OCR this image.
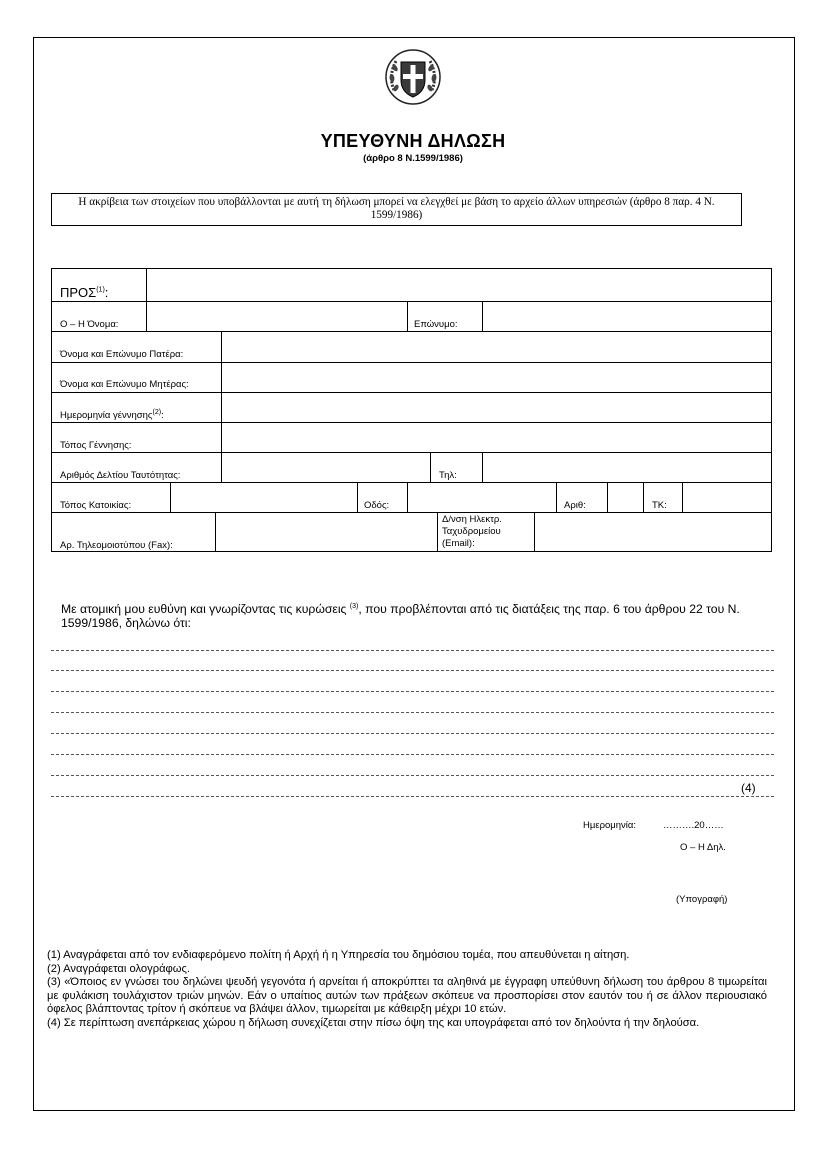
ΥΠΕΥΘΥΝΗ ΔΗΛΩΣΗ
(άρθρο 8 Ν.1599/1986)
Η ακρίβεια των στοιχείων που υποβάλλονται με αυτή τη δήλωση μπορεί να ελεγχθεί με βάση το αρχείο άλλων υπηρεσιών (άρθρο 8 παρ. 4 Ν. 1599/1986)
ΠΡΟΣ$^{(1)}$:
Ο – Η Όνομα:	Επώνυμο:
Όνομα και Επώνυμο Πατέρα:
Όνομα και Επώνυμο Μητέρας:
Ημερομηνία γέννησης$^{(2)}$:
Τόπος Γέννησης:
Αριθμός Δελτίου Ταυτότητας:	Τηλ:
Τόπος Κατοικίας:	Οδός:	Αριθ:	ΤΚ:
Αρ. Τηλεομοιοτύπου (Fax):
Δ/νση Ηλεκτρ.
Ταχυδρομείου
(Email):
Με ατομική μου ευθύνη και γνωρίζοντας τις κυρώσεις $^{(3)}$, που προβλέπονται από τις διατάξεις της παρ. 6 του άρθρου 22 του Ν. 1599/1986, δηλώνω ότι:
(4)
Ημερομηνία:	……….20……
Ο – Η Δηλ.
(Υπογραφή)

(1) Αναγράφεται από τον ενδιαφερόμενο πολίτη ή Αρχή ή η Υπηρεσία του δημόσιου τομέα, που απευθύνεται η αίτηση.

(2) Αναγράφεται ολογράφως.

(3) «Όποιος εν γνώσει του δηλώνει ψευδή γεγονότα ή αρνείται ή αποκρύπτει τα αληθινά με έγγραφη υπεύθυνη δήλωση του άρθρου 8 τιμωρείται με φυλάκιση τουλάχιστον τριών μηνών. Εάν ο υπαίτιος αυτών των πράξεων σκόπευε να προσπορίσει στον εαυτόν του ή σε άλλον περιουσιακό όφελος βλάπτοντας τρίτον ή σκόπευε να βλάψει άλλον, τιμωρείται με κάθειρξη μέχρι 10 ετών.

(4) Σε περίπτωση ανεπάρκειας χώρου η δήλωση συνεχίζεται στην πίσω όψη της και υπογράφεται από τον δηλούντα ή την δηλούσα.
